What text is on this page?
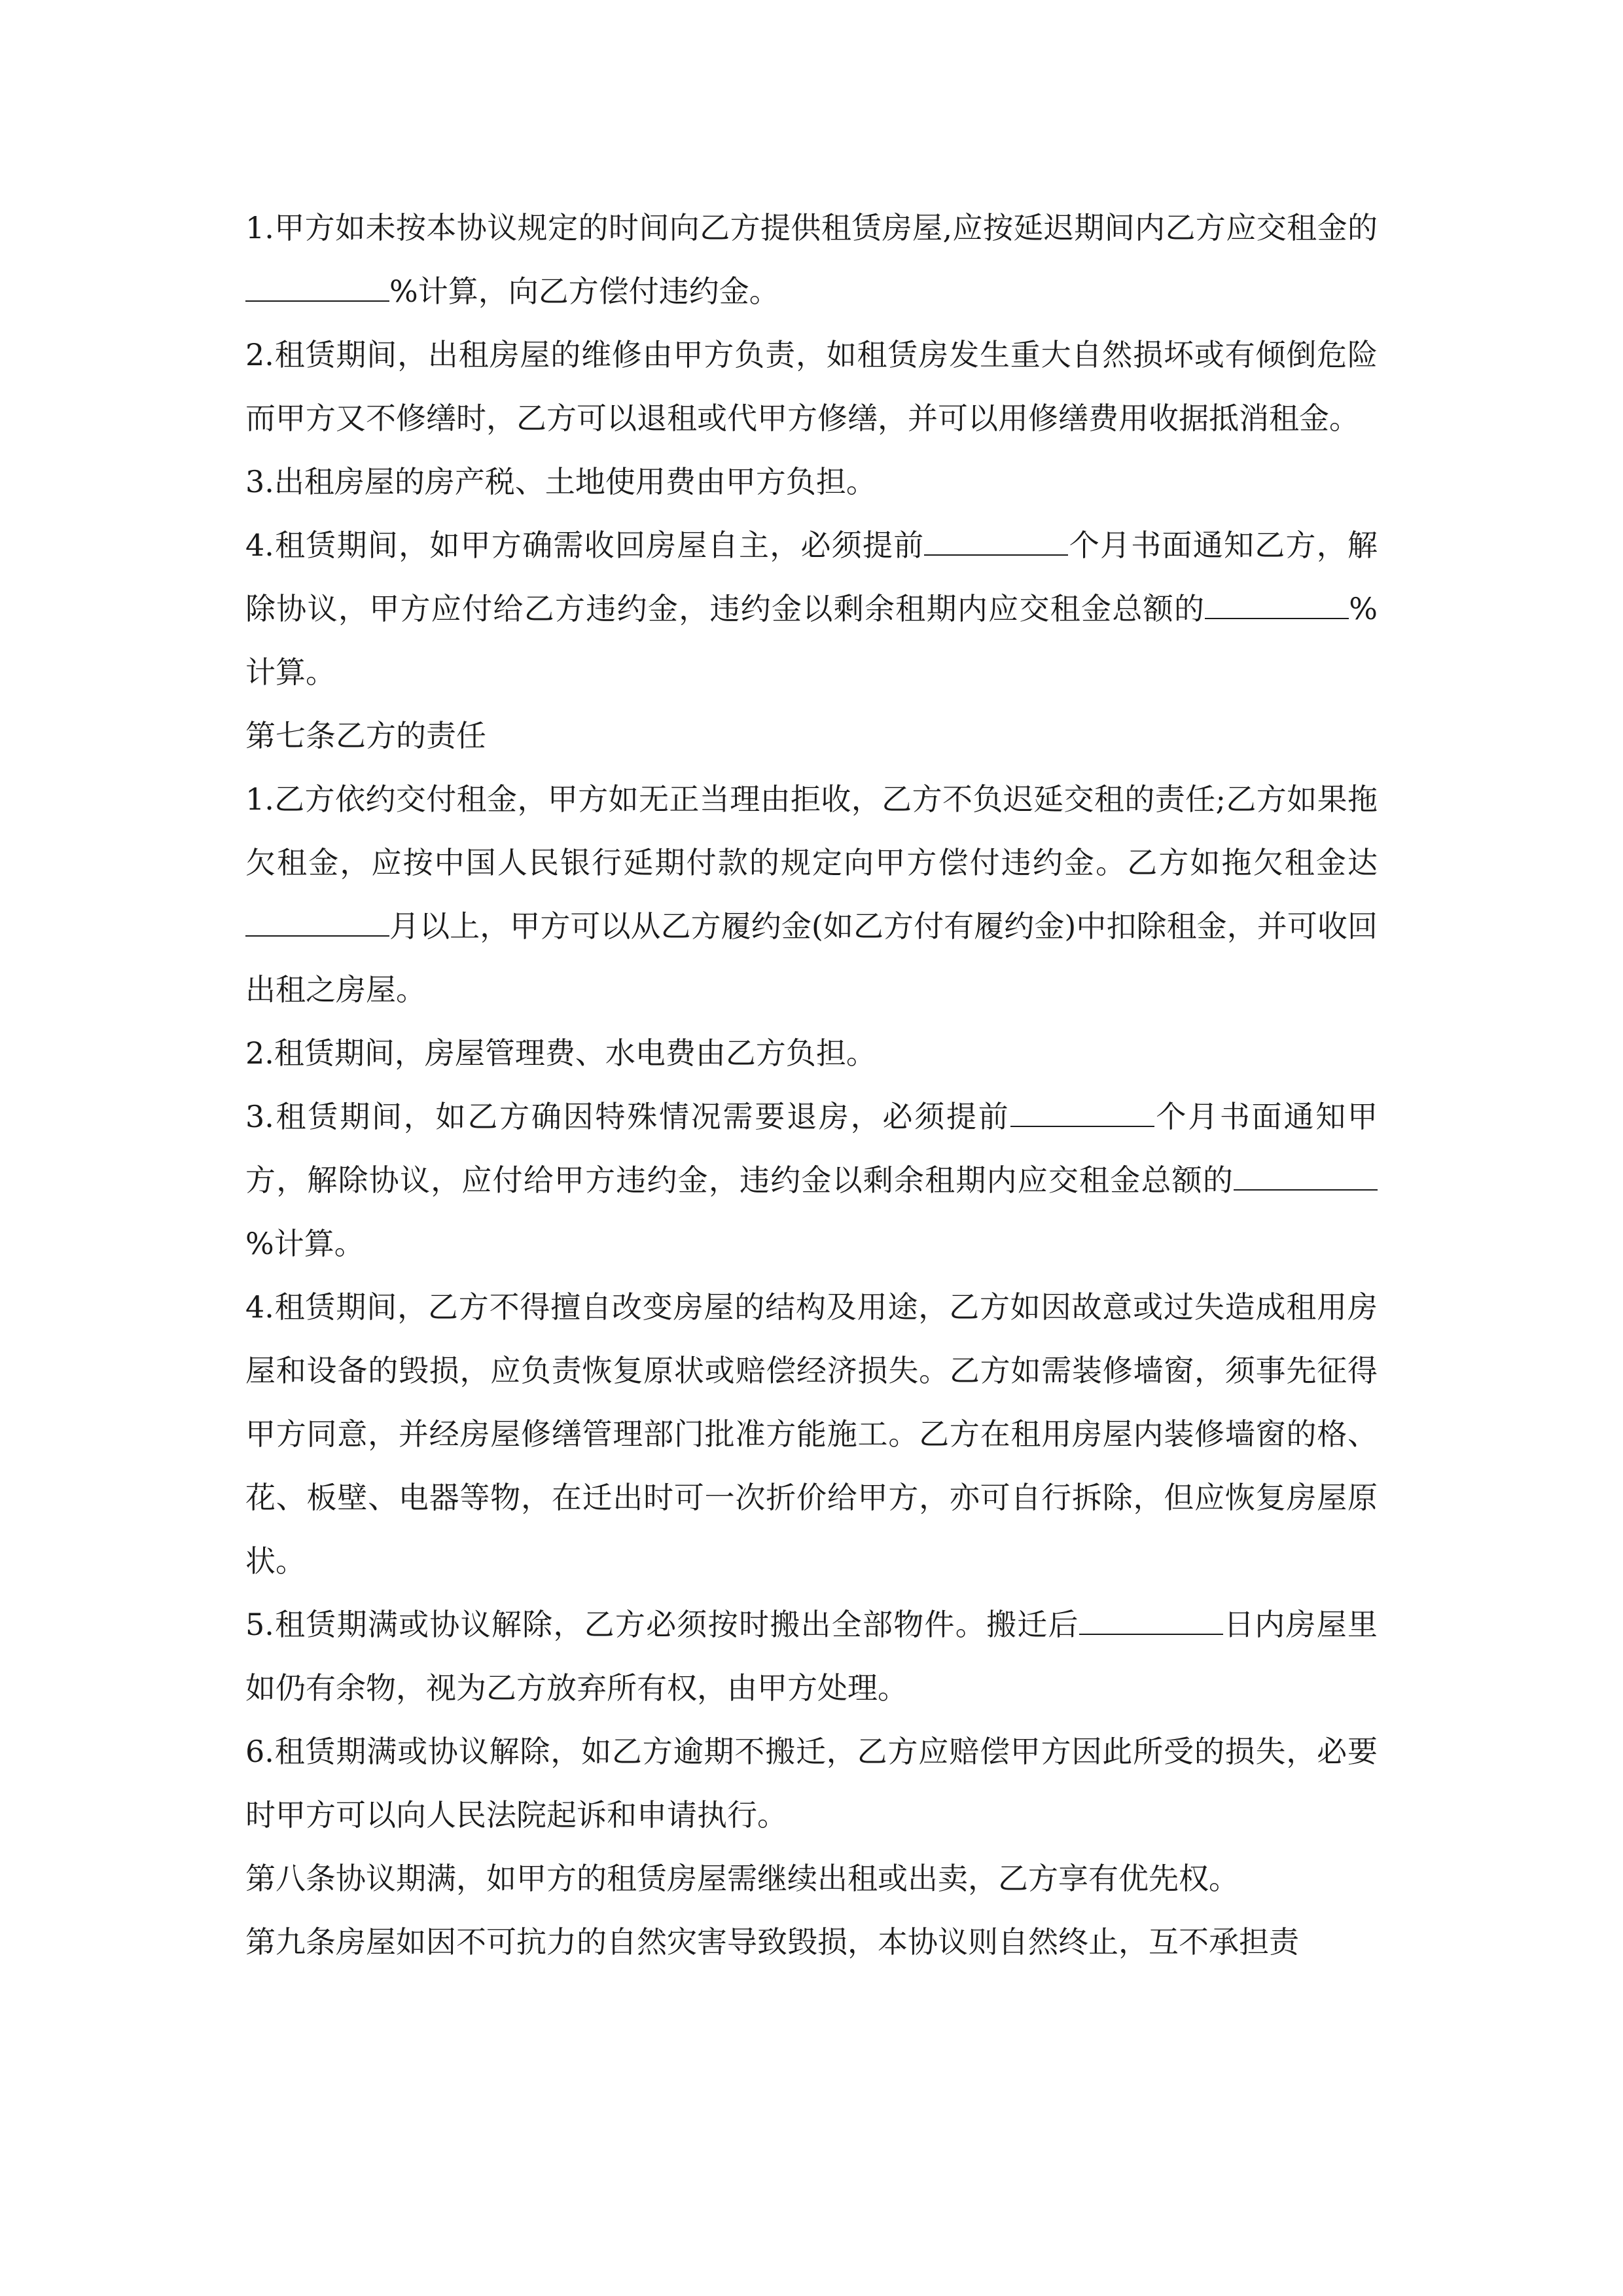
1.甲方如未按本协议规定的时间向乙方提供租赁房屋,应按延迟期间内乙方应交租金的%计算，向乙方偿付违约金。

2.租赁期间，出租房屋的维修由甲方负责，如租赁房发生重大自然损坏或有倾倒危险而甲方又不修缮时，乙方可以退租或代甲方修缮，并可以用修缮费用收据抵消租金。

3.出租房屋的房产税、土地使用费由甲方负担。

4.租赁期间，如甲方确需收回房屋自主，必须提前	个月书面通知乙方，解除协议，甲方应付给乙方违约金，违约金以剩余租期内应交租金总额的	%计算。

第七条乙方的责任

1.乙方依约交付租金，甲方如无正当理由拒收，乙方不负迟延交租的责任;乙方如果拖欠租金，应按中国人民银行延期付款的规定向甲方偿付违约金。乙方如拖欠租金达月以上，甲方可以从乙方履约金(如乙方付有履约金)中扣除租金，并可收回出租之房屋。

2.租赁期间，房屋管理费、水电费由乙方负担。

3.租赁期间，如乙方确因特殊情况需要退房，必须提前	个月书面通知甲方，解除协议，应付给甲方违约金，违约金以剩余租期内应交租金总额的%计算。

4.租赁期间，乙方不得擅自改变房屋的结构及用途，乙方如因故意或过失造成租用房屋和设备的毁损，应负责恢复原状或赔偿经济损失。乙方如需装修墙窗，须事先征得甲方同意，并经房屋修缮管理部门批准方能施工。乙方在租用房屋内装修墙窗的格、花、板壁、电器等物，在迁出时可一次折价给甲方，亦可自行拆除，但应恢复房屋原状。

5.租赁期满或协议解除，乙方必须按时搬出全部物件。搬迁后	日内房屋里如仍有余物，视为乙方放弃所有权，由甲方处理。

6.租赁期满或协议解除，如乙方逾期不搬迁，乙方应赔偿甲方因此所受的损失，必要时甲方可以向人民法院起诉和申请执行。

第八条协议期满，如甲方的租赁房屋需继续出租或出卖，乙方享有优先权。

第九条房屋如因不可抗力的自然灾害导致毁损，本协议则自然终止，互不承担责
